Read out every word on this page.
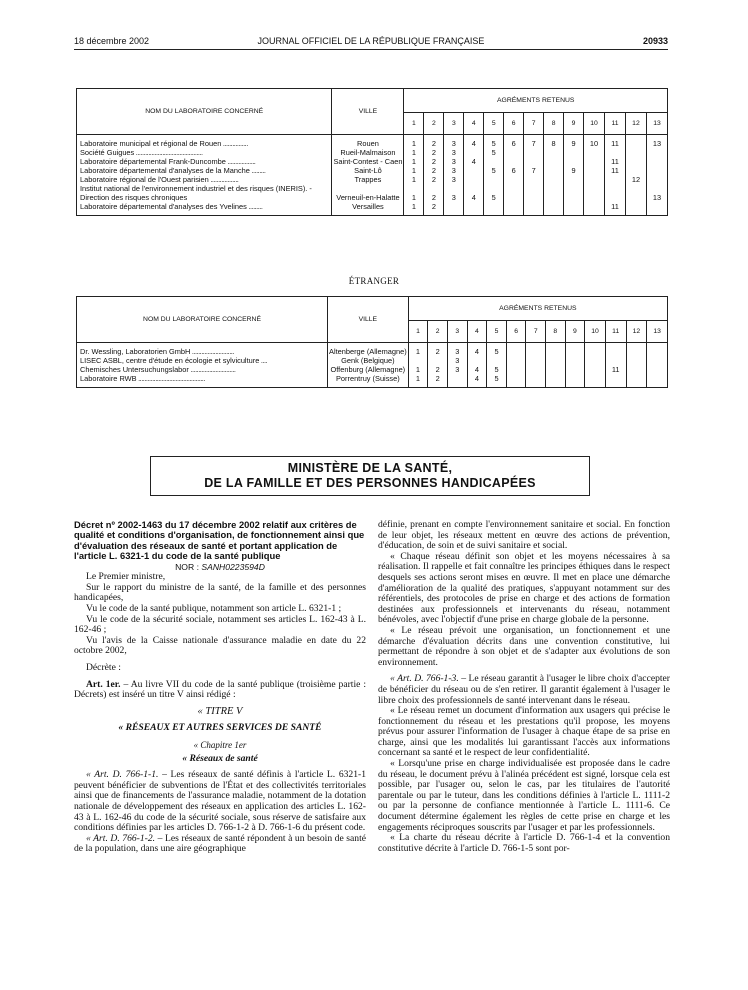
18 décembre 2002	JOURNAL OFFICIEL DE LA RÉPUBLIQUE FRANÇAISE	20933
NOM DU LABORATOIRE CONCERNÉ	VILLE	AGRÉMENTS RETENUS												
		1	2	3	4	5	6	7	8	9	10	11	12	13
Laboratoire municipal et régional de Rouen ................	Rouen	1	2	3	4	5	6	7	8	9	10	11		13
Société Guigues ...........................................	Rueil-Malmaison	1	2	3		5								
Laboratoire départemental Frank-Duncombe ..................	Saint-Contest - Caen	1	2	3	4							11		
Laboratoire départemental d'analyses de la Manche .........	Saint-Lô	1	2	3		5	6	7		9		11		
Laboratoire régional de l'Ouest parisien ..................	Trappes	1	2	3									12	
Institut national de l'environnement industriel et des risques (INERIS). - Direction des risques chroniques	Verneuil-en-Halatte	1	2	3	4	5								13
Laboratoire départemental d'analyses des Yvelines .........	Versailles	1	2									11		
ÉTRANGER
NOM DU LABORATOIRE CONCERNÉ	VILLE	AGRÉMENTS RETENUS												
		1	2	3	4	5	6	7	8	9	10	11	12	13
Dr. Wessling, Laboratorien GmbH ...........................	Altenberge (Allemagne)	1	2	3	4	5								
LISEC ASBL, centre d'étude en écologie et sylviculture ....	Genk (Belgique)			3										
Chemisches Untersuchungslabor .............................	Offenburg (Allemagne)	1	2	3	4	5						11		
Laboratoire RWB ...........................................	Porrentruy (Suisse)	1	2		4	5								
MINISTÈRE DE LA SANTÉ,
DE LA FAMILLE ET DES PERSONNES HANDICAPÉES

Décret nº 2002-1463 du 17 décembre 2002 relatif aux critères de qualité et conditions d'organisation, de fonctionnement ainsi que d'évaluation des réseaux de santé et portant application de l'article L. 6321-1 du code de la santé publique

NOR : SANH0223594D

Le Premier ministre,

Sur le rapport du ministre de la santé, de la famille et des personnes handicapées,

Vu le code de la santé publique, notamment son article L. 6321-1 ;

Vu le code de la sécurité sociale, notamment ses articles L. 162-43 à L. 162-46 ;

Vu l'avis de la Caisse nationale d'assurance maladie en date du 22 octobre 2002,

Décrète :

Art. 1er. – Au livre VII du code de la santé publique (troisième partie : Décrets) est inséré un titre V ainsi rédigé :

« TITRE V

« RÉSEAUX ET AUTRES SERVICES DE SANTÉ

« Chapitre 1er

« Réseaux de santé

« Art. D. 766-1-1. – Les réseaux de santé définis à l'article L. 6321-1 peuvent bénéficier de subventions de l'État et des collectivités territoriales ainsi que de financements de l'assurance maladie, notamment de la dotation nationale de développement des réseaux en application des articles L. 162-43 à L. 162-46 du code de la sécurité sociale, sous réserve de satisfaire aux conditions définies par les articles D. 766-1-2 à D. 766-1-6 du présent code.

« Art. D. 766-1-2. – Les réseaux de santé répondent à un besoin de santé de la population, dans une aire géographique

définie, prenant en compte l'environnement sanitaire et social. En fonction de leur objet, les réseaux mettent en œuvre des actions de prévention, d'éducation, de soin et de suivi sanitaire et social.

« Chaque réseau définit son objet et les moyens nécessaires à sa réalisation. Il rappelle et fait connaître les principes éthiques dans le respect desquels ses actions seront mises en œuvre. Il met en place une démarche d'amélioration de la qualité des pratiques, s'appuyant notamment sur des référentiels, des protocoles de prise en charge et des actions de formation destinées aux professionnels et intervenants du réseau, notamment bénévoles, avec l'objectif d'une prise en charge globale de la personne.

« Le réseau prévoit une organisation, un fonctionnement et une démarche d'évaluation décrits dans une convention constitutive, lui permettant de répondre à son objet et de s'adapter aux évolutions de son environnement.

« Art. D. 766-1-3. – Le réseau garantit à l'usager le libre choix d'accepter de bénéficier du réseau ou de s'en retirer. Il garantit également à l'usager le libre choix des professionnels de santé intervenant dans le réseau.

« Le réseau remet un document d'information aux usagers qui précise le fonctionnement du réseau et les prestations qu'il propose, les moyens prévus pour assurer l'information de l'usager à chaque étape de sa prise en charge, ainsi que les modalités lui garantissant l'accès aux informations concernant sa santé et le respect de leur confidentialité.

« Lorsqu'une prise en charge individualisée est proposée dans le cadre du réseau, le document prévu à l'alinéa précédent est signé, lorsque cela est possible, par l'usager ou, selon le cas, par les titulaires de l'autorité parentale ou par le tuteur, dans les conditions définies à l'article L. 1111-2 ou par la personne de confiance mentionnée à l'article L. 1111-6. Ce document détermine également les règles de cette prise en charge et les engagements réciproques souscrits par l'usager et par les professionnels.

« La charte du réseau décrite à l'article D. 766-1-4 et la convention constitutive décrite à l'article D. 766-1-5 sont por-
